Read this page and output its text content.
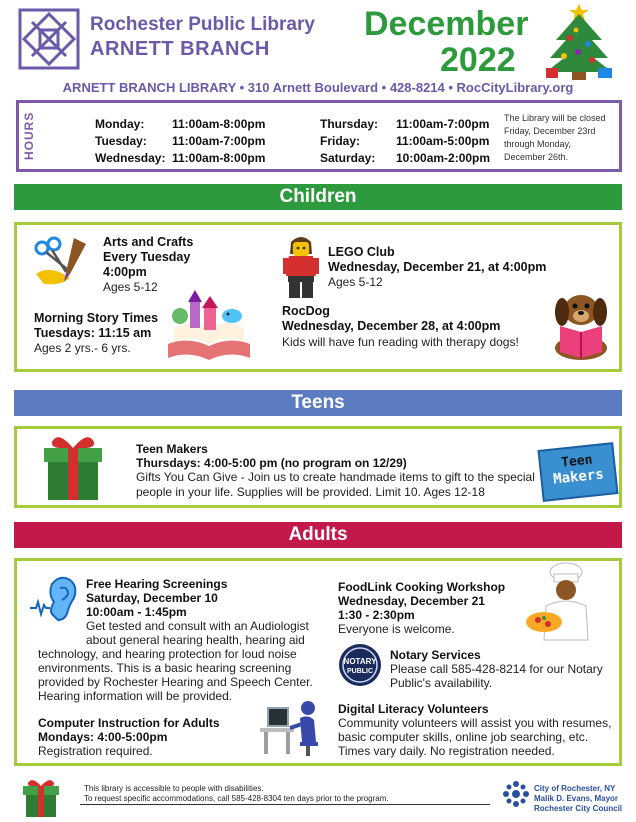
Rochester Public Library
ARNETT BRANCH
December
2022
ARNETT BRANCH LIBRARY • 310 Arnett Boulevard • 428-8214 • RocCityLibrary.org
HOURS	Monday: 11:00am-8:00pm
Tuesday: 11:00am-7:00pm
Wednesday: 11:00am-8:00pm
Thursday: 11:00am-7:00pm
Friday:	11:00am-5:00pm
Saturday: 10:00am-2:00pm
The Library will be closed Friday, December 23rd through Monday, December 26th.
Children
Arts and Crafts
Every Tuesday
4:00pm
Ages 5-12
Morning Story Times
Tuesdays: 11:15 am
Ages 2 yrs.- 6 yrs.
LEGO Club
Wednesday, December 21, at 4:00pm
Ages 5-12
RocDog
Wednesday, December 28, at 4:00pm
Kids will have fun reading with therapy dogs!
Teens
Teen Makers
Thursdays: 4:00-5:00 pm (no program on 12/29)
Gifts You Can Give - Join us to create handmade items to gift to the special
people in your life. Supplies will be provided. Limit 10. Ages 12-18
Teen
Makers
Adults
Free Hearing Screenings
Saturday, December 10
10:00am - 1:45pm
Get tested and consult with an Audiologist
about general hearing health, hearing aid
technology, and hearing protection for loud noise
environments. This is a basic hearing screening
provided by Rochester Hearing and Speech Center.
Hearing information will be provided.
Computer Instruction for Adults
Mondays: 4:00-5:00pm
Registration required.
FoodLink Cooking Workshop
Wednesday, December 21
1:30 - 2:30pm
Everyone is welcome.
NOTARY
PUBLIC
Notary Services
Please call 585-428-8214 for our Notary
Public's availability.
Digital Literacy Volunteers
Community volunteers will assist you with resumes,
basic computer skills, online job searching, etc.
Times vary daily. No registration needed.
This library is accessible to people with disabilities.
To request specific accommodations, call 585-428-8304 ten days prior to the program.
City of Rochester, NY
Malik D. Evans, Mayor
Rochester City Council
